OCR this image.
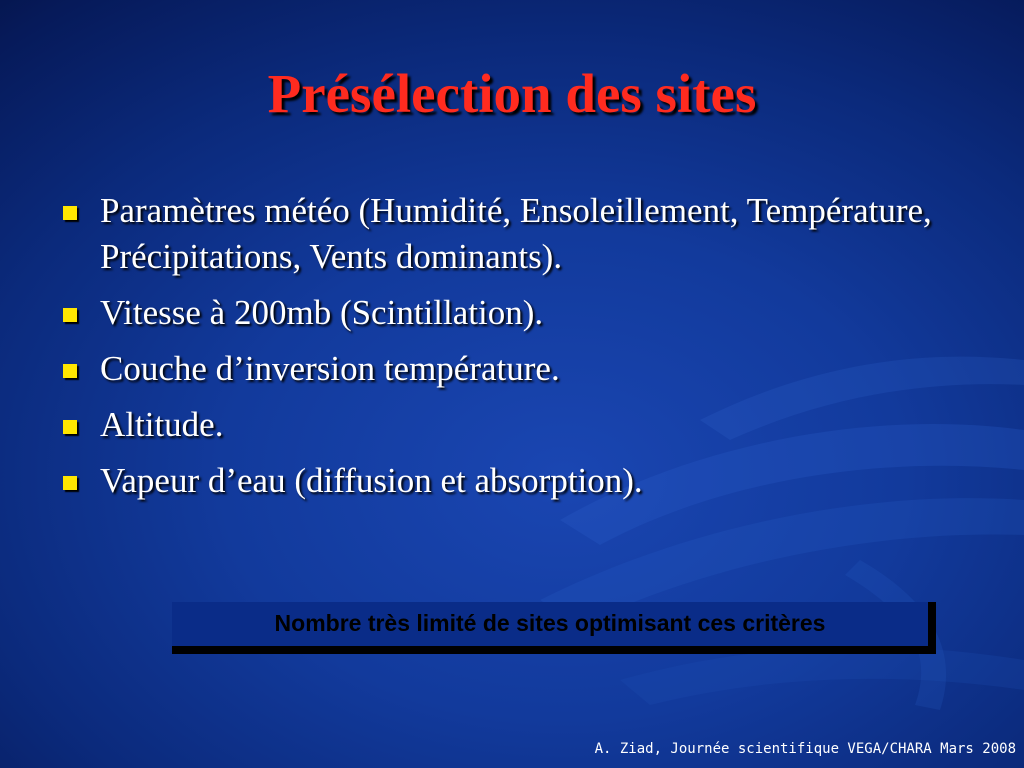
Présélection des sites
Paramètres météo (Humidité, Ensoleillement, Température, Précipitations, Vents dominants).
Vitesse à 200mb (Scintillation).
Couche d’inversion température.
Altitude.
Vapeur d’eau (diffusion et absorption).
Nombre très limité de sites optimisant ces critères
A. Ziad, Journée scientifique VEGA/CHARA Mars 2008
